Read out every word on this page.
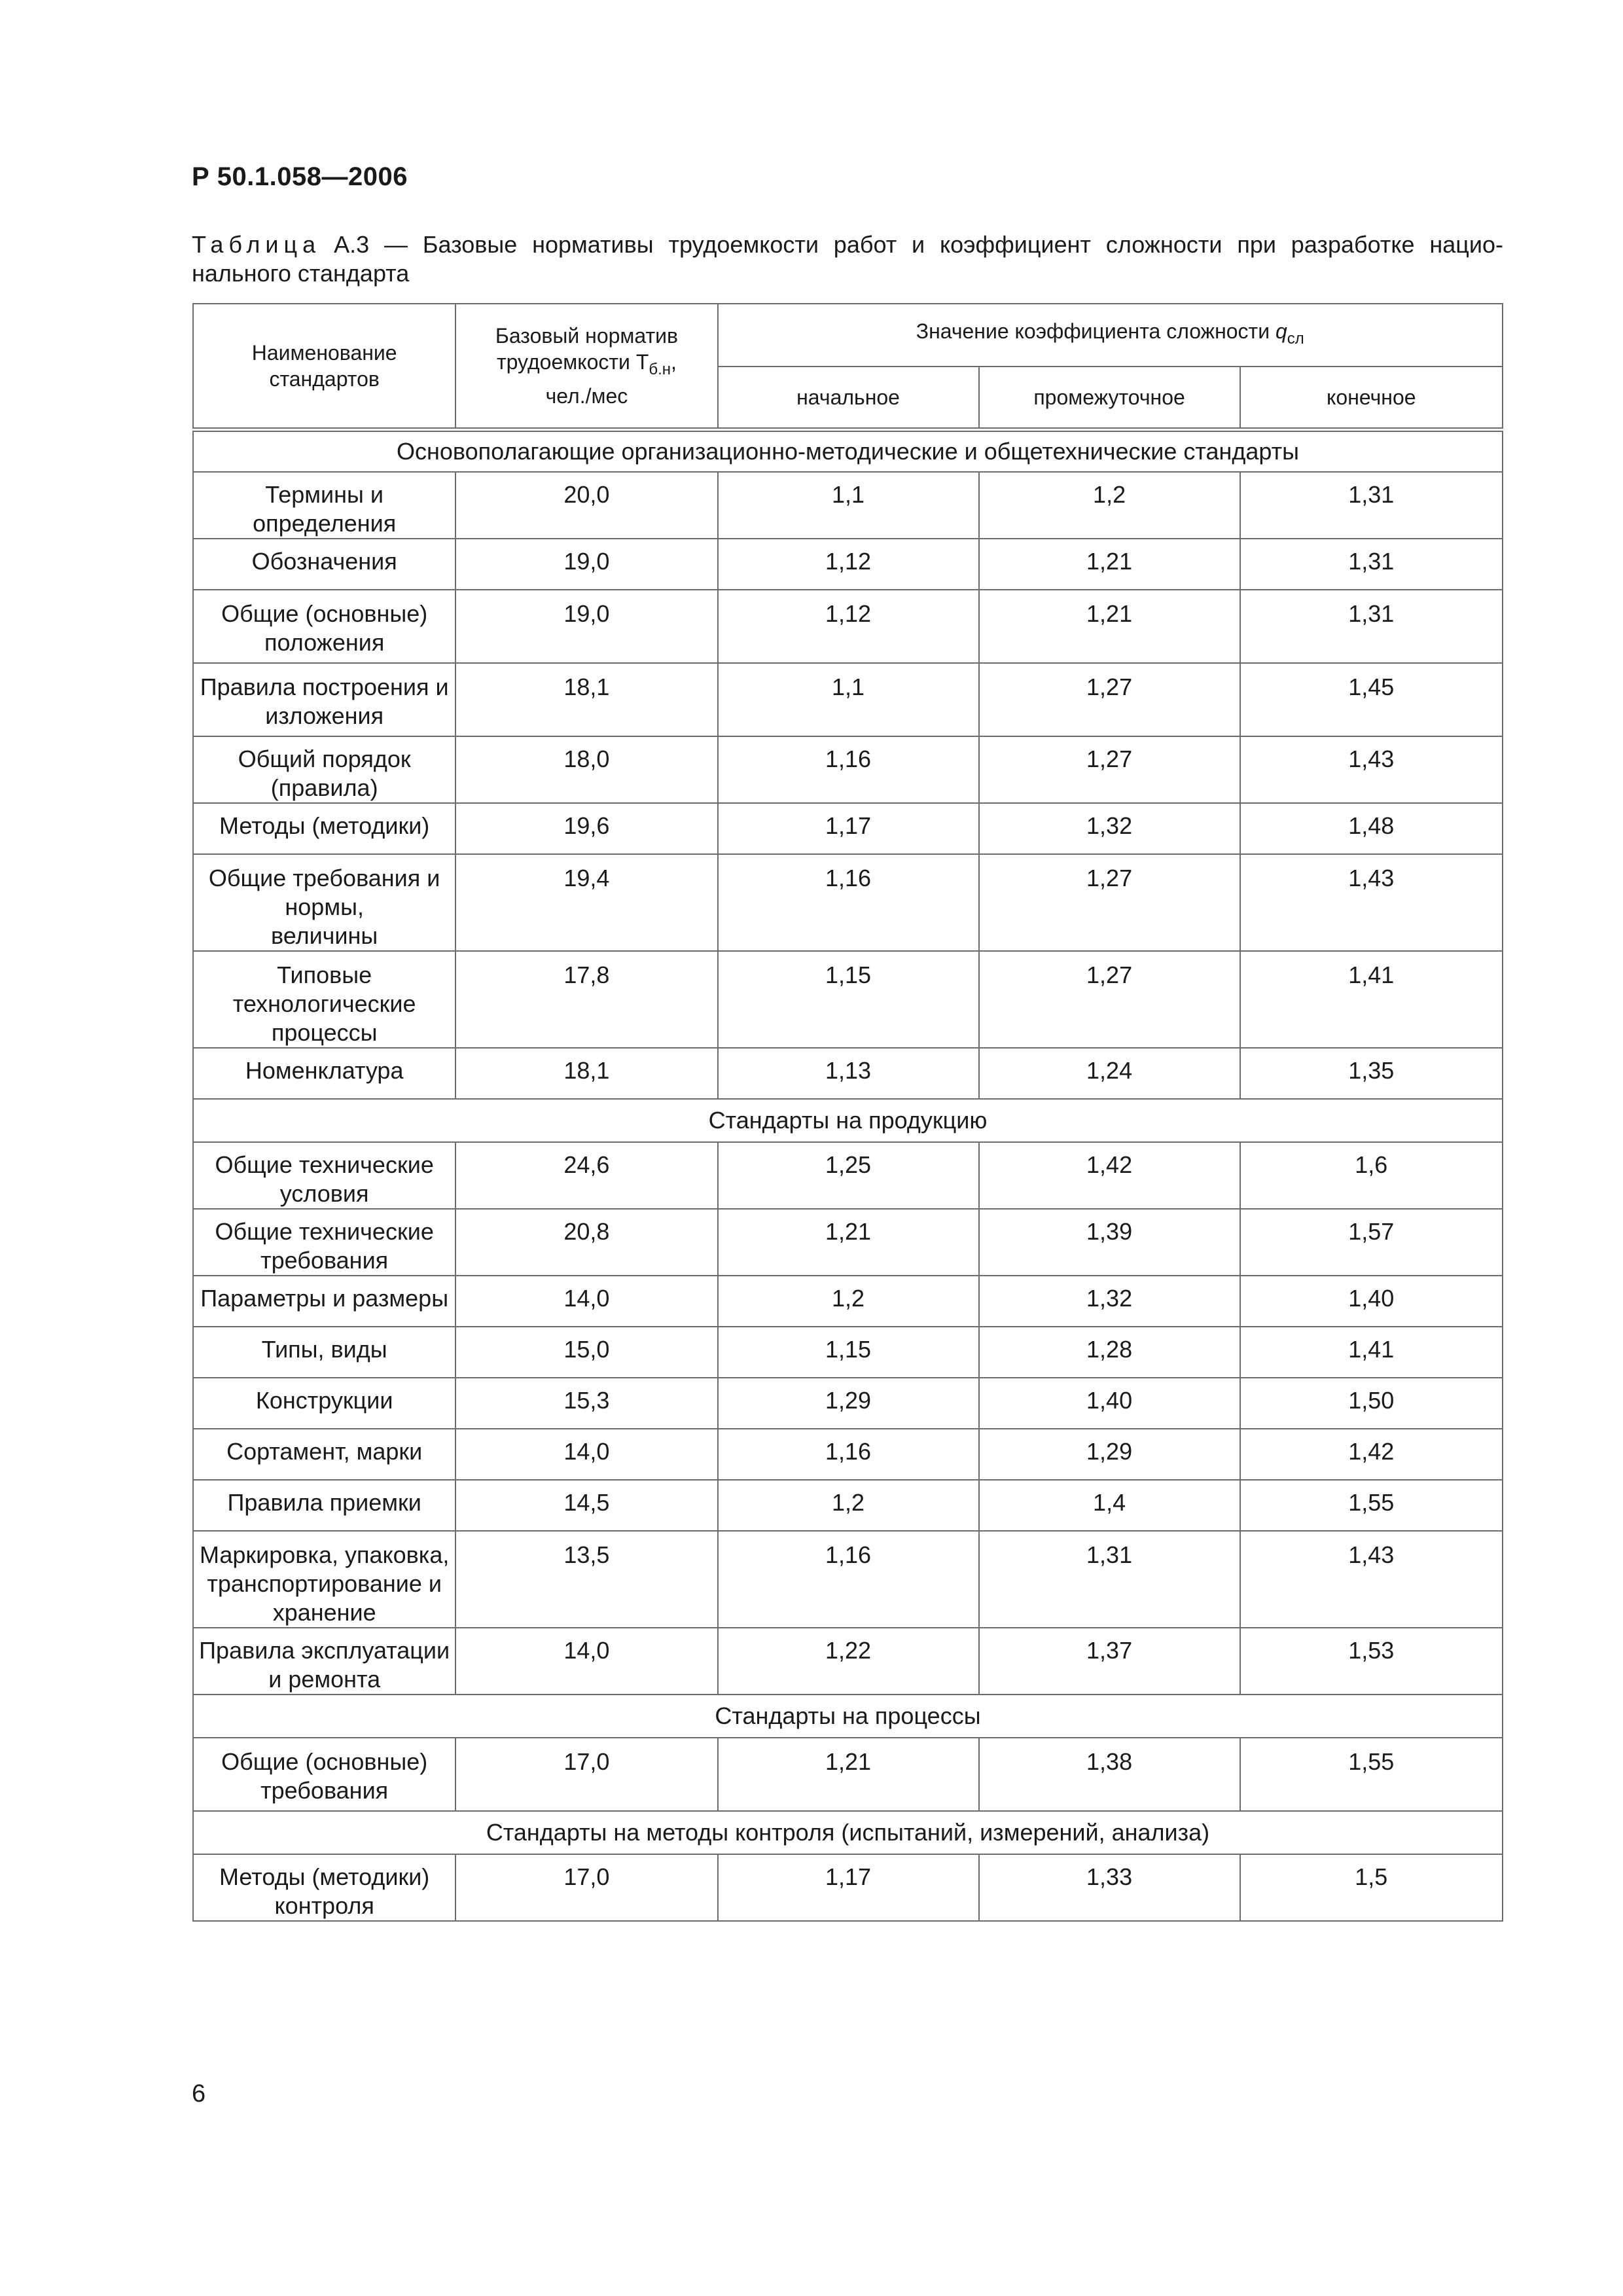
Р 50.1.058—2006
Таблица А.3 — Базовые нормативы трудоемкости работ и коэффициент сложности при разработке нацио-
нального стандарта
Наименование стандартов	Базовый норматив
трудоемкости $Т_{б.н}$,
чел./мес	Значение коэффициента сложности $q_{сл}$
		начальное	промежуточное	конечное
Основополагающие организационно-методические и общетехнические стандарты				
Термины и определения	20,0	1,1	1,2	1,31
Обозначения	19,0	1,12	1,21	1,31
Общие (основные)
положения	19,0	1,12	1,21	1,31
Правила построения и
изложения	18,1	1,1	1,27	1,45
Общий порядок (правила)	18,0	1,16	1,27	1,43
Методы (методики)	19,6	1,17	1,32	1,48
Общие требования и нормы,
величины	19,4	1,16	1,27	1,43
Типовые технологические
процессы	17,8	1,15	1,27	1,41
Номенклатура	18,1	1,13	1,24	1,35
Стандарты на продукцию				
Общие технические условия	24,6	1,25	1,42	1,6
Общие технические требования	20,8	1,21	1,39	1,57
Параметры и размеры	14,0	1,2	1,32	1,40
Типы, виды	15,0	1,15	1,28	1,41
Конструкции	15,3	1,29	1,40	1,50
Сортамент, марки	14,0	1,16	1,29	1,42
Правила приемки	14,5	1,2	1,4	1,55
Маркировка, упаковка,
транспортирование и хранение	13,5	1,16	1,31	1,43
Правила эксплуатации и ремонта	14,0	1,22	1,37	1,53
Стандарты на процессы				
Общие (основные)
требования	17,0	1,21	1,38	1,55
Стандарты на методы контроля (испытаний, измерений, анализа)				
Методы (методики) контроля	17,0	1,17	1,33	1,5
6
